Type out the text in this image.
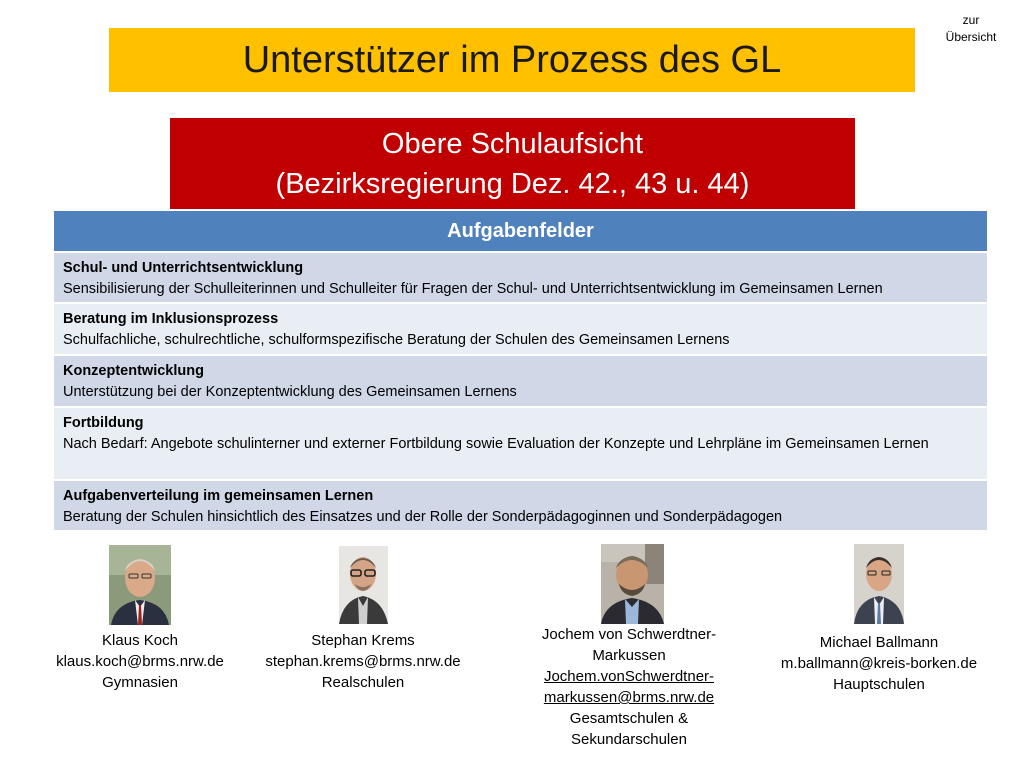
zur
Übersicht
Unterstützer im Prozess des GL
Obere Schulaufsicht
(Bezirksregierung Dez. 42., 43 u. 44)
Aufgabenfelder
Schul- und Unterrichtsentwicklung
Sensibilisierung der Schulleiterinnen und Schulleiter für Fragen der Schul- und Unterrichtsentwicklung im Gemeinsamen Lernen
Beratung im Inklusionsprozess
Schulfachliche, schulrechtliche, schulformspezifische Beratung der Schulen des Gemeinsamen Lernens
Konzeptentwicklung
Unterstützung bei der Konzeptentwicklung des Gemeinsamen Lernens
Fortbildung
Nach Bedarf: Angebote schulinterner und externer Fortbildung sowie Evaluation der Konzepte und Lehrpläne im Gemeinsamen Lernen
Aufgabenverteilung im gemeinsamen Lernen
Beratung der Schulen hinsichtlich des Einsatzes und der Rolle der Sonderpädagoginnen und Sonderpädagogen
Klaus Koch
klaus.koch@brms.nrw.de
Gymnasien
Stephan Krems
stephan.krems@brms.nrw.de
Realschulen
Jochem von Schwerdtner-
Markussen
Jochem.vonSchwerdtner-
markussen@brms.nrw.de
Gesamtschulen &
Sekundarschulen
Michael Ballmann
m.ballmann@kreis-borken.de
Hauptschulen
